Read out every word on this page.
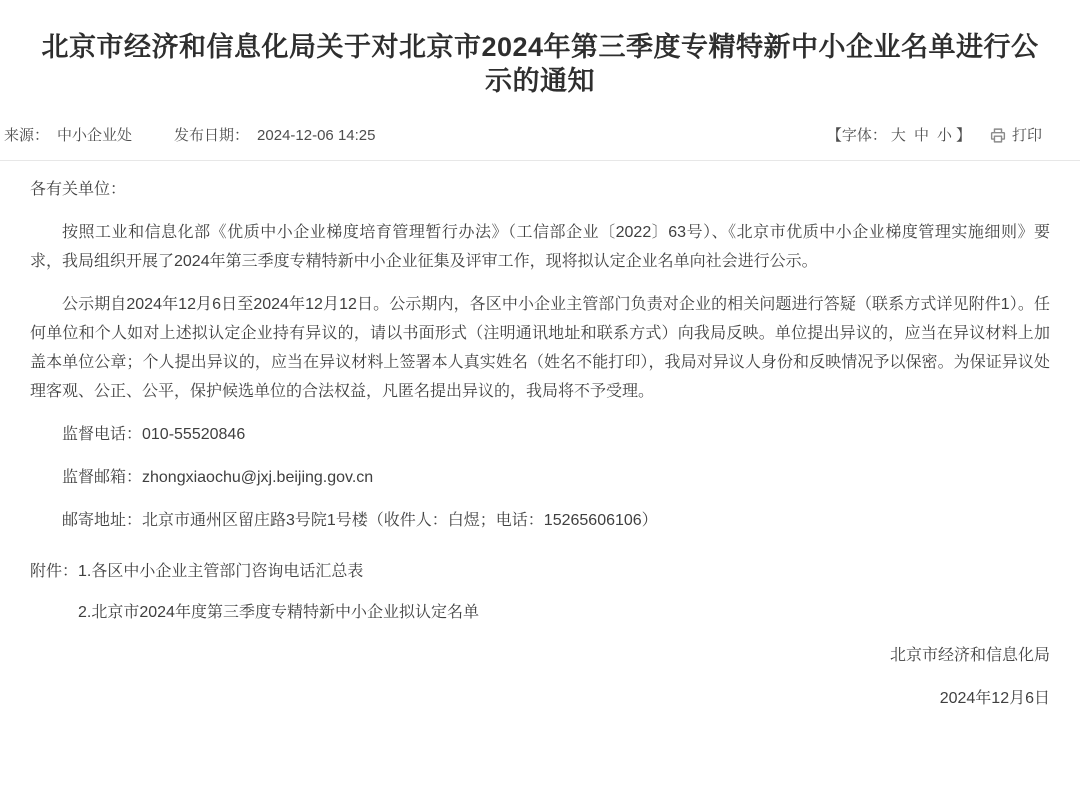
北京市经济和信息化局关于对北京市2024年第三季度专精特新中小企业名单进行公示的通知
来源： 中小企业处	发布日期： 2024-12-06 14:25	【字体： 大 中 小 】	打印

各有关单位：

按照工业和信息化部《优质中小企业梯度培育管理暂行办法》（工信部企业〔2022〕63号）、《北京市优质中小企业梯度管理实施细则》要求，我局组织开展了2024年第三季度专精特新中小企业征集及评审工作，现将拟认定企业名单向社会进行公示。

公示期自2024年12月6日至2024年12月12日。公示期内，各区中小企业主管部门负责对企业的相关问题进行答疑（联系方式详见附件1）。任何单位和个人如对上述拟认定企业持有异议的，请以书面形式（注明通讯地址和联系方式）向我局反映。单位提出异议的，应当在异议材料上加盖本单位公章；个人提出异议的，应当在异议材料上签署本人真实姓名（姓名不能打印），我局对异议人身份和反映情况予以保密。为保证异议处理客观、公正、公平，保护候选单位的合法权益，凡匿名提出异议的，我局将不予受理。

监督电话：010-55520846

监督邮箱：zhongxiaochu@jxj.beijing.gov.cn

邮寄地址：北京市通州区留庄路3号院1号楼（收件人：白煜；电话：15265606106）

附件： 1.各区中小企业主管部门咨询电话汇总表
2.北京市2024年度第三季度专精特新中小企业拟认定名单

北京市经济和信息化局

2024年12月6日
